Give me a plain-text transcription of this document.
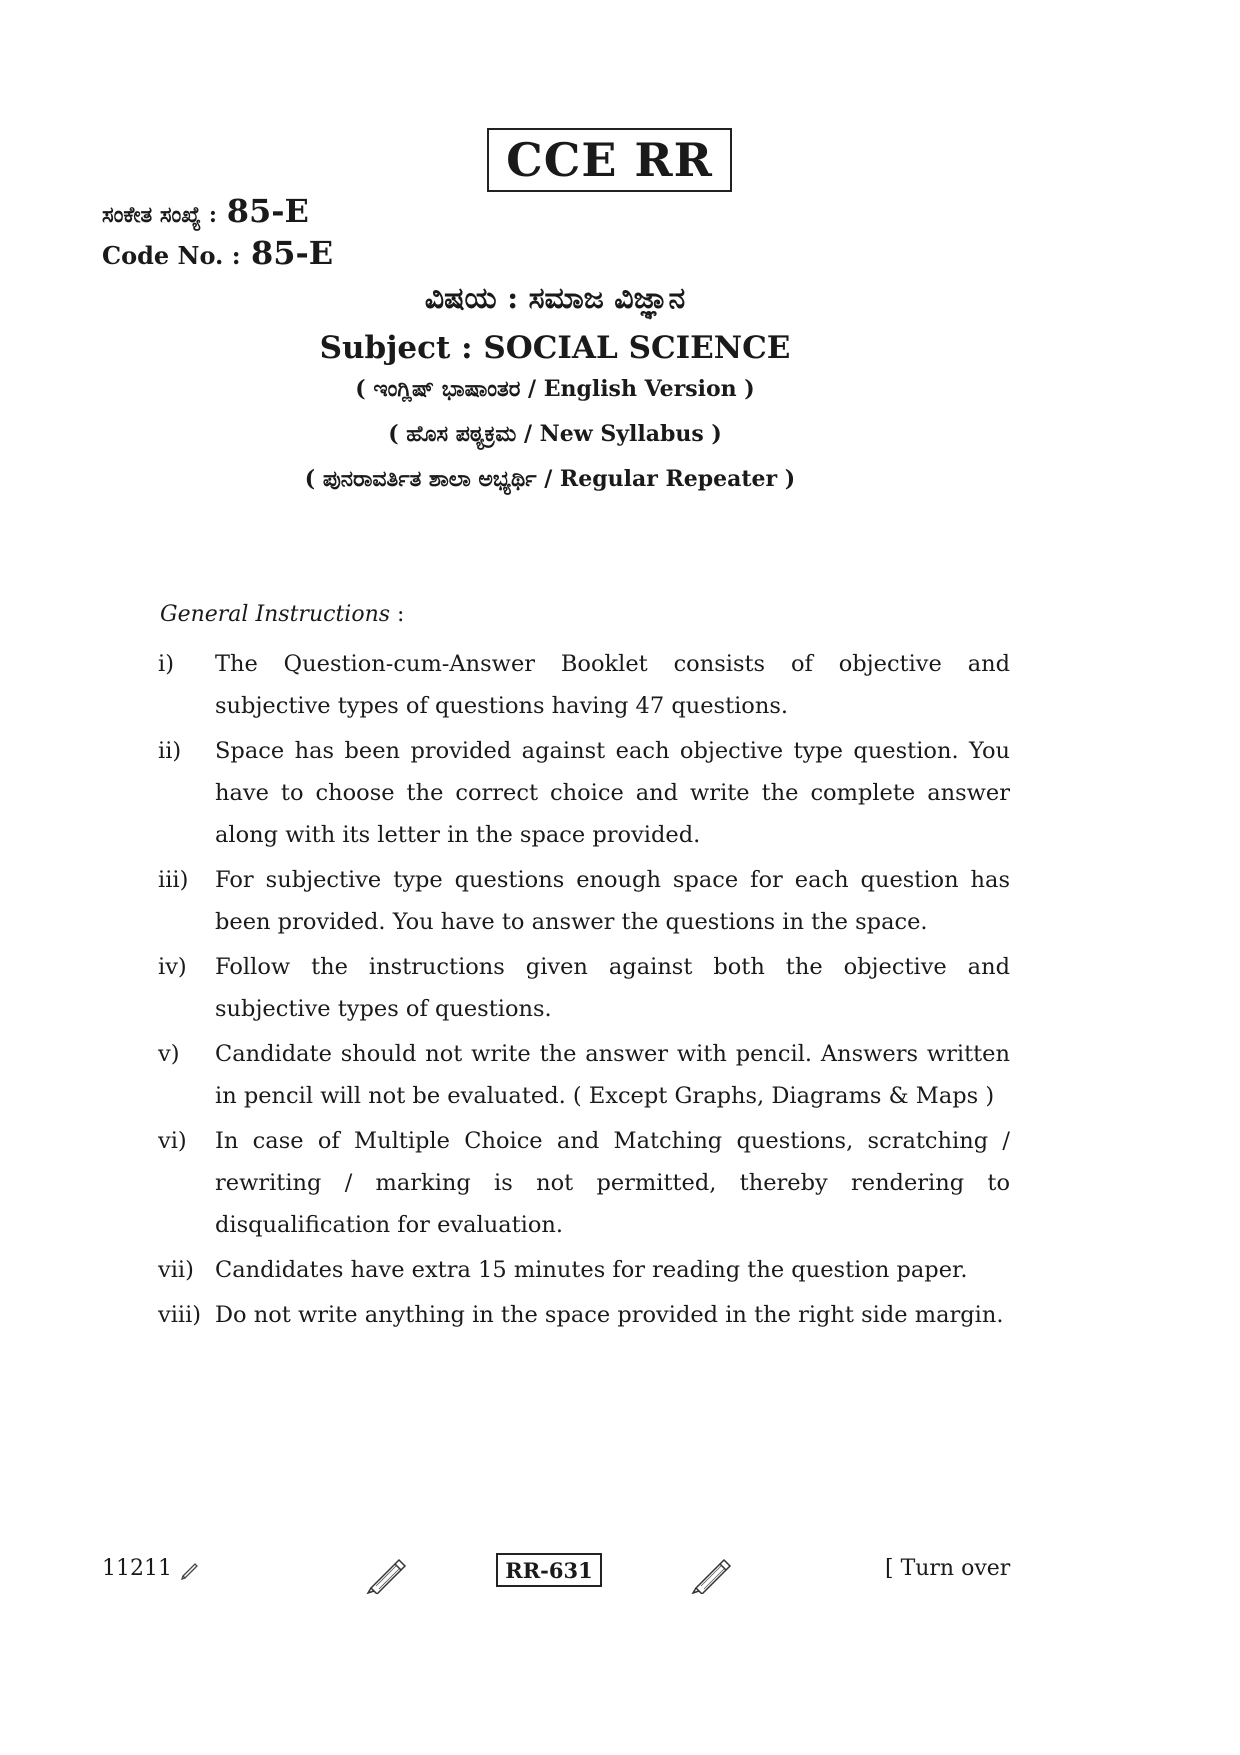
CCE RR
ಸಂಕೇತ ಸಂಖ್ಯೆ : 85-E
Code No. : 85-E
ವಿಷಯ : ಸಮಾಜ ವಿಜ್ಞಾನ
Subject : SOCIAL SCIENCE
( ಇಂಗ್ಲಿಷ್ ಭಾಷಾಂತರ / English Version )
( ಹೊಸ ಪಠ್ಯಕ್ರಮ / New Syllabus )
( ಪುನರಾವರ್ತಿತ ಶಾಲಾ ಅಭ್ಯರ್ಥಿ / Regular Repeater )
General Instructions :
i)	The Question-cum-Answer Booklet consists of objective and subjective types of questions having 47 questions.
ii)	Space has been provided against each objective type question. You have to choose the correct choice and write the complete answer along with its letter in the space provided.
iii)	For subjective type questions enough space for each question has been provided. You have to answer the questions in the space.
iv)	Follow the instructions given against both the objective and subjective types of questions.
v)	Candidate should not write the answer with pencil. Answers written in pencil will not be evaluated. ( Except Graphs, Diagrams & Maps )
vi)	In case of Multiple Choice and Matching questions, scratching / rewriting / marking is not permitted, thereby rendering to disqualification for evaluation.
vii) Candidates have extra 15 minutes for reading the question paper.
viii) Do not write anything in the space provided in the right side margin.
11211	RR-631	[ Turn over
